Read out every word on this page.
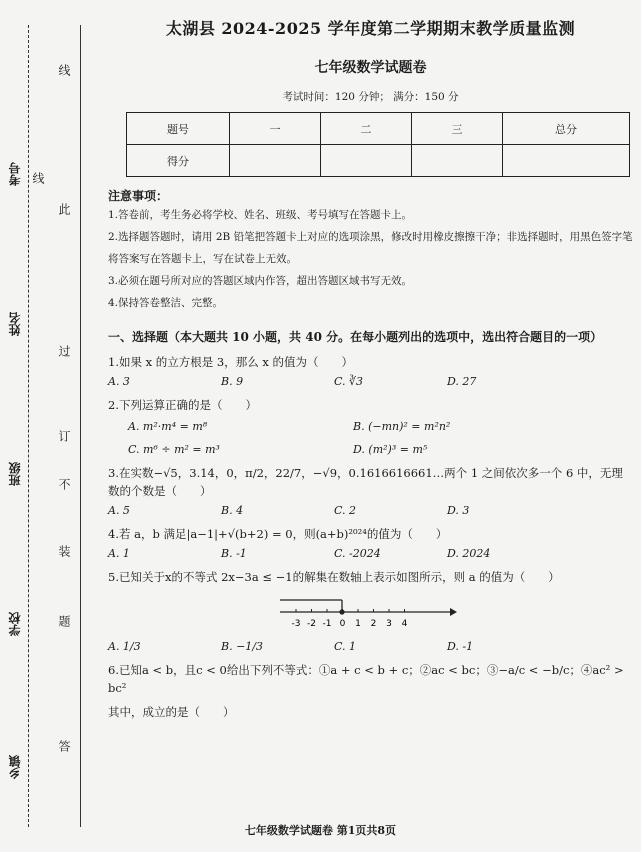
乡镇
学校
班级
姓名
考号
答
题
装
不
订
过
此
线
线
太湖县 2024-2025 学年度第二学期期末教学质量监测
七年级数学试题卷
考试时间：120 分钟； 满分：150 分
题号	一	二	三	总分
得分				
注意事项：
1.答卷前，考生务必将学校、姓名、班级、考号填写在答题卡上。
2.选择题答题时，请用 2B 铅笔把答题卡上对应的选项涂黑，修改时用橡皮擦擦干净；非选择题时，用黑色签字笔将答案写在答题卡上，写在试卷上无效。
3.必须在题号所对应的答题区域内作答，超出答题区域书写无效。
4.保持答卷整洁、完整。
一、选择题（本大题共 10 小题，共 40 分。在每小题列出的选项中，选出符合题目的一项）
1.如果 x 的立方根是 3，那么 x 的值为（　　）
A. 3	B. 9	C. ∛3	D. 27
2.下列运算正确的是（　　）
A. m²·m⁴ = m⁸	B. (−mn)² = m²n²
C. m⁶ ÷ m² = m³	D. (m²)³ = m⁵
3.在实数−√5，3.14，0，π/2，22/7，−√9，0.1616616661…两个 1 之间依次多一个 6 中，无理数的个数是（　　）
A. 5	B. 4	C. 2	D. 3
4.若 a，b 满足|a−1|+√(b+2) = 0，则(a+b)²⁰²⁴的值为（　　）
A. 1	B. -1	C. -2024	D. 2024
5.已知关于x的不等式 2x−3a ≤ −1的解集在数轴上表示如图所示，则 a 的值为（　　）
-3 -2 -1 0 1 2 3 4
A. 1/3	B. −1/3	C. 1	D. -1
6.已知a < b，且c < 0给出下列不等式：①a + c < b + c；②ac < bc；③−a/c < −b/c；④ac² > bc²
其中，成立的是（　　）
七年级数学试题卷 第1页共8页
